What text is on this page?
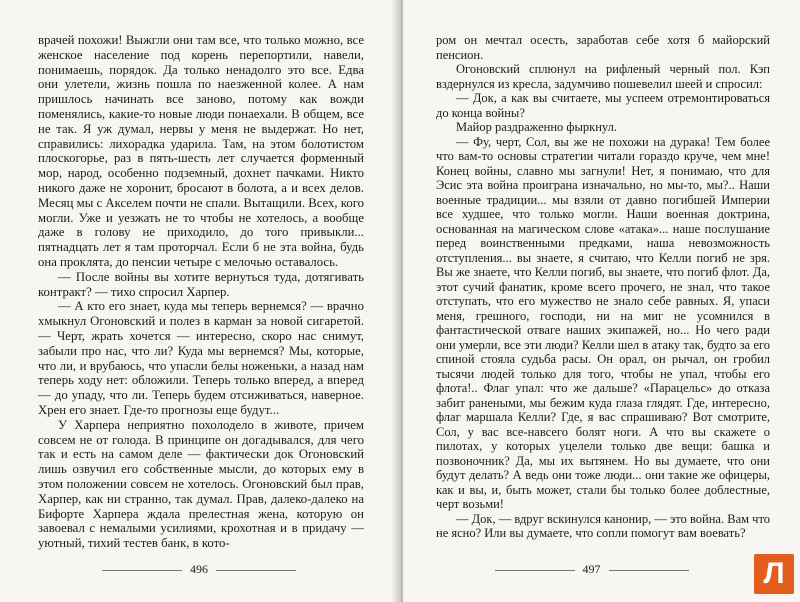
врачей похожи! Выжгли они там все, что только можно, все женское население под корень перепортили, навели, понимаешь, порядок. Да только ненадолго это все. Едва они улетели, жизнь пошла по наезженной колее. А нам пришлось начинать все заново, потому как вожди поменялись, какие-то новые люди понаехали. В общем, все не так. Я уж думал, нервы у меня не выдержат. Но нет, справились: лихорадка ударила. Там, на этом болотистом плоскогорье, раз в пять-шесть лет случается форменный мор, народ, особенно подземный, дохнет пачками. Никто никого даже не хоронит, бросают в болота, а и всех делов. Месяц мы с Акселем почти не спали. Вытащили. Всех, кого могли. Уже и уезжать не то чтобы не хотелось, а вообще даже в голову не приходило, до того привыкли... пятнадцать лет я там проторчал. Если б не эта война, будь она проклята, до пенсии четыре с мелочью оставалось.

— После войны вы хотите вернуться туда, дотягивать контракт? — тихо спросил Харпер.

— А кто его знает, куда мы теперь вернемся? — врачно хмыкнул Огоновский и полез в карман за новой сигаретой. — Черт, жрать хочется — интересно, скоро нас снимут, забыли про нас, что ли? Куда мы вернемся? Мы, которые, что ли, и врубаюсь, что упасли белы ноженьки, а назад нам теперь ходу нет: обложили. Теперь только вперед, а вперед — до упаду, что ли. Теперь будем отсиживаться, наверное. Хрен его знает. Где-то прогнозы еще будут...

У Харпера неприятно похолодело в животе, причем совсем не от голода. В принципе он догадывался, для чего так и есть на самом деле — фактически док Огоновский лишь озвучил его собственные мысли, до которых ему в этом положении совсем не хотелось. Огоновский был прав, Харпер, как ни странно, так думал. Прав, далеко-далеко на Бифорте Харпера ждала прелестная жена, которую он завоевал с немалыми усилиями, крохотная и в придачу — уютный, тихий тестев банк, в кото-

496

ром он мечтал осесть, заработав себе хотя б майорский пенсион.

Огоновский сплюнул на рифленый черный пол. Кэп вздернулся из кресла, задумчиво пошевелил шеей и спросил:

— Док, а как вы считаете, мы успеем отремонтироваться до конца войны?

Майор раздраженно фыркнул.

— Фу, черт, Сол, вы же не похожи на дурака! Тем более что вам-то основы стратегии читали гораздо круче, чем мне! Конец войны, славно мы загнули! Нет, я понимаю, что для Эсис эта война проиграна изначально, но мы-то, мы?.. Наши военные традиции... мы взяли от давно погибшей Империи все худшее, что только могли. Наши военная доктрина, основанная на магическом слове «атака»... наше послушание перед воинственными предками, наша невозможность отступления... вы знаете, я считаю, что Келли погиб не зря. Вы же знаете, что Келли погиб, вы знаете, что погиб флот. Да, этот сучий фанатик, кроме всего прочего, не знал, что такое отступать, что его мужество не знало себе равных. Я, упаси меня, грешного, господи, ни на миг не усомнился в фантастической отваге наших экипажей, но... Но чего ради они умерли, все эти люди? Келли шел в атаку так, будто за его спиной стояла судьба расы. Он орал, он рычал, он гробил тысячи людей только для того, чтобы не упал, чтобы его флота!.. Флаг упал: что же дальше? «Парацельс» до отказа забит ранеными, мы бежим куда глаза глядят. Где, интересно, флаг маршала Келли? Где, я вас спрашиваю? Вот смотрите, Сол, у вас все-навсего болят ноги. А что вы скажете о пилотах, у которых уцелели только две вещи: башка и позвоночник? Да, мы их вытянем. Но вы думаете, что они будут делать? А ведь они тоже люди... они такие же офицеры, как и вы, и, быть может, стали бы только более доблестные, черт возьми!

— Док, — вдруг вскинулся канонир, — это война. Вам что не ясно? Или вы думаете, что сопли помогут вам воевать?

497	Л
